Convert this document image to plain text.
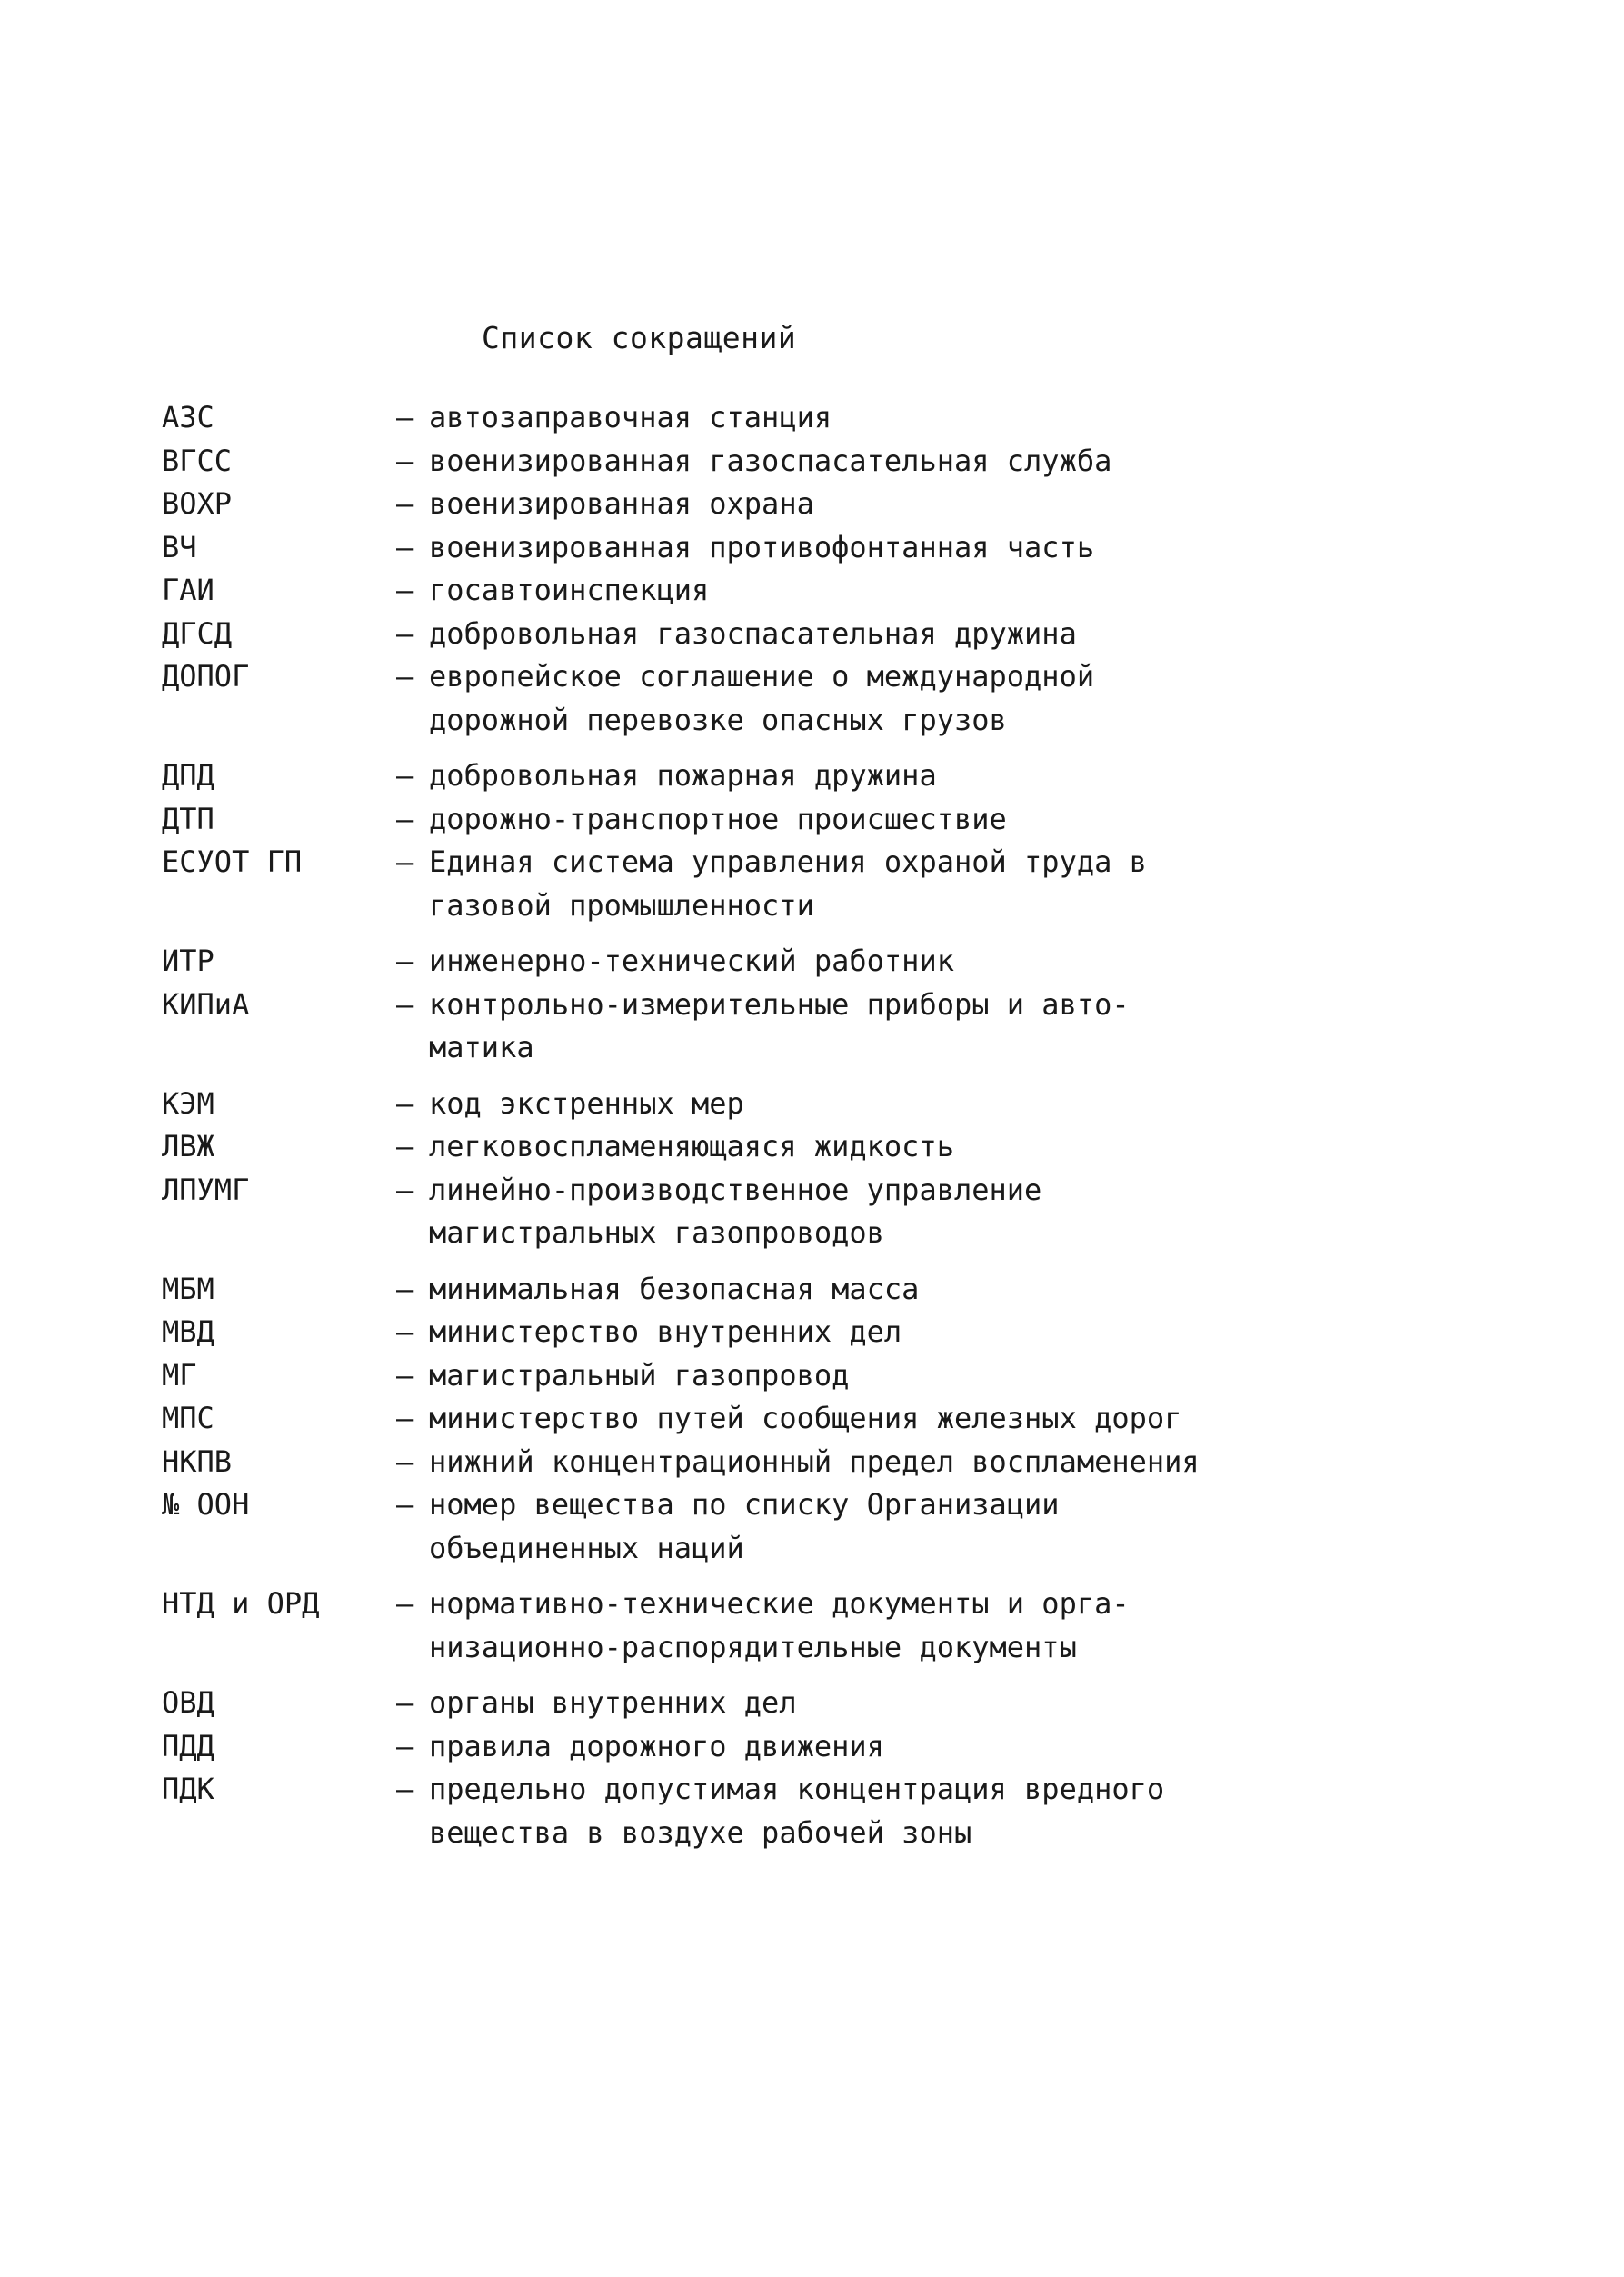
Список сокращений
АЗС	– автозаправочная станция
ВГСС	– военизированная газоспасательная служба
ВОХР	– военизированная охрана
ВЧ	– военизированная противофонтанная часть
ГАИ	– госавтоинспекция
ДГСД	– добровольная газоспасательная дружина
ДОПОГ	– европейское соглашение о международной
дорожной перевозке опасных грузов
ДПД	– добровольная пожарная дружина
ДТП	– дорожно-транспортное происшествие
ЕСУОТ ГП	– Единая система управления охраной труда в
газовой промышленности
ИТР	– инженерно-технический работник
КИПиА	– контрольно-измерительные приборы и авто-
матика
КЭМ	– код экстренных мер
ЛВЖ	– легковоспламеняющаяся жидкость
ЛПУМГ	– линейно-производственное управление
магистральных газопроводов
МБМ	– минимальная безопасная масса
МВД	– министерство внутренних дел
МГ	– магистральный газопровод
МПС	– министерство путей сообщения железных дорог
НКПВ	– нижний концентрационный предел воспламенения
№ ООН	– номер вещества по списку Организации
объединенных наций
НТД и ОРД	– нормативно-технические документы и орга-
низационно-распорядительные документы
ОВД	– органы внутренних дел
ПДД	– правила дорожного движения
ПДК	– предельно допустимая концентрация вредного
вещества в воздухе рабочей зоны
